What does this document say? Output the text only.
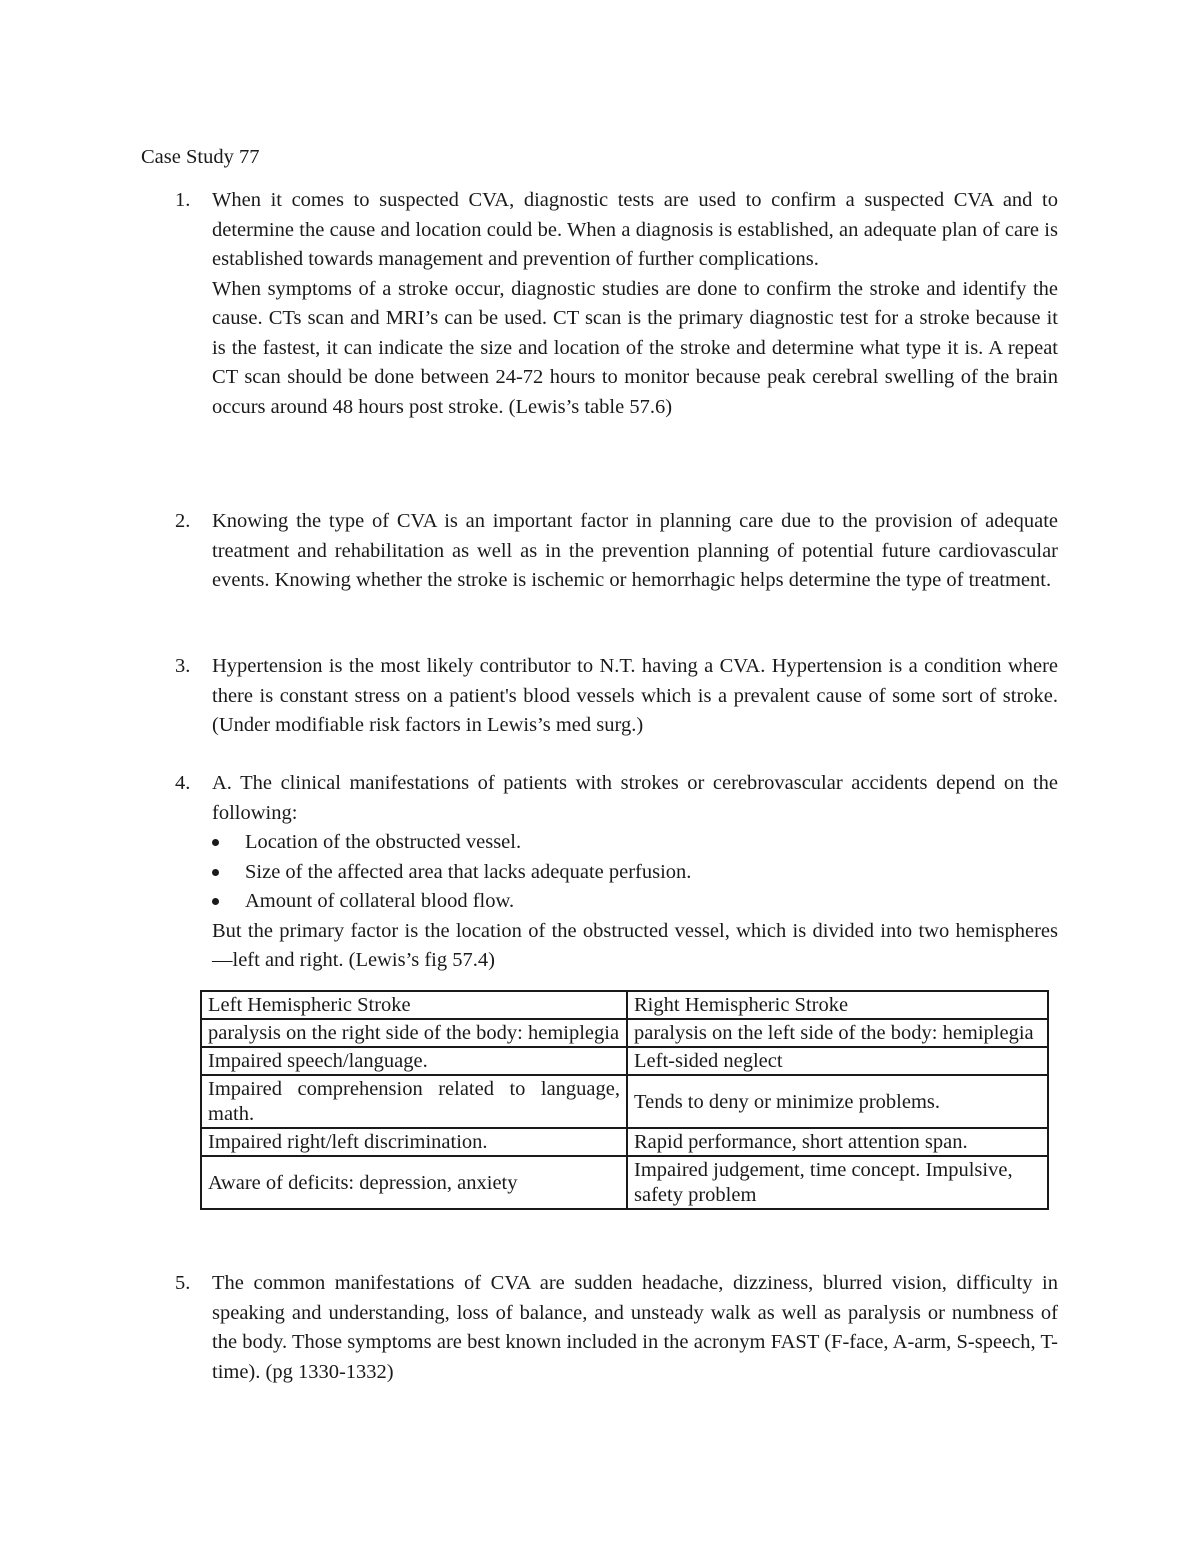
Case Study 77
1.	When it comes to suspected CVA, diagnostic tests are used to confirm a suspected CVA and to determine the cause and location could be. When a diagnosis is established, an adequate plan of care is established towards management and prevention of further complications.

When symptoms of a stroke occur, diagnostic studies are done to confirm the stroke and identify the cause. CTs scan and MRI’s can be used. CT scan is the primary diagnostic test for a stroke because it is the fastest, it can indicate the size and location of the stroke and determine what type it is. A repeat CT scan should be done between 24-72 hours to monitor because peak cerebral swelling of the brain occurs around 48 hours post stroke. (Lewis’s table 57.6)

2.	Knowing the type of CVA is an important factor in planning care due to the provision of adequate treatment and rehabilitation as well as in the prevention planning of potential future cardiovascular events. Knowing whether the stroke is ischemic or hemorrhagic helps determine the type of treatment.

3.	Hypertension is the most likely contributor to N.T. having a CVA. Hypertension is a condition where there is constant stress on a patient's blood vessels which is a prevalent cause of some sort of stroke. (Under modifiable risk factors in Lewis’s med surg.)

4.	A. The clinical manifestations of patients with strokes or cerebrovascular accidents depend on the following:

Location of the obstructed vessel.
Size of the affected area that lacks adequate perfusion.
Amount of collateral blood flow.

But the primary factor is the location of the obstructed vessel, which is divided into two hemispheres—left and right. (Lewis’s fig 57.4)

Left Hemispheric Stroke	Right Hemispheric Stroke
paralysis on the right side of the body: hemiplegia	paralysis on the left side of the body: hemiplegia
Impaired speech/language.	Left-sided neglect
Impaired comprehension related to language, math.	Tends to deny or minimize problems.
Impaired right/left discrimination.	Rapid performance, short attention span.
Aware of deficits: depression, anxiety	Impaired judgement, time concept. Impulsive, safety problem
5.	The common manifestations of CVA are sudden headache, dizziness, blurred vision, difficulty in speaking and understanding, loss of balance, and unsteady walk as well as paralysis or numbness of the body. Those symptoms are best known included in the acronym FAST (F-face, A-arm, S-speech, T-time). (pg 1330-1332)
